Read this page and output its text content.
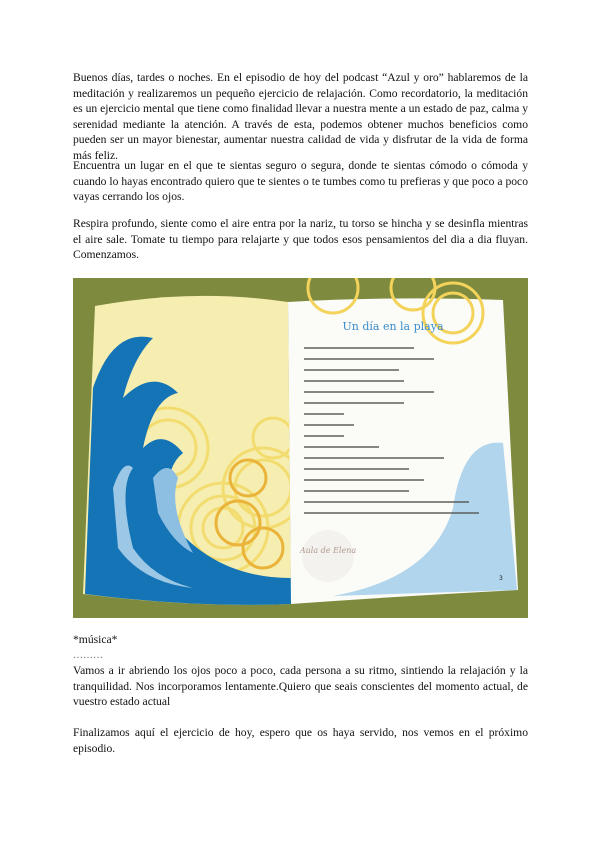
Buenos días, tardes o noches. En el episodio de hoy del podcast “Azul y oro” hablaremos de la meditación y realizaremos un pequeño ejercicio de relajación. Como recordatorio, la meditación es un ejercicio mental que tiene como finalidad llevar a nuestra mente a un estado de paz, calma y serenidad mediante la atención. A través de esta, podemos obtener muchos beneficios como pueden ser un mayor bienestar, aumentar nuestra calidad de vida y disfrutar de la vida de forma más feliz.

Encuentra un lugar en el que te sientas seguro o segura, donde te sientas cómodo o cómoda y cuando lo hayas encontrado quiero que te sientes o te tumbes como tu prefieras y que poco a poco vayas cerrando los ojos.

Respira profundo, siente como el aire entra por la nariz, tu torso se hincha y se desinfla mientras el aire sale. Tomate tu tiempo para relajarte y que todos esos pensamientos del dia a dia fluyan. Comenzamos.

Un día en la playa
Aula de Elena
3

*música*

………

Vamos a ir abriendo los ojos poco a poco, cada persona a su ritmo, sintiendo la relajación y la tranquilidad. Nos incorporamos lentamente.Quiero que seais conscientes del momento actual, de vuestro estado actual

Finalizamos aquí el ejercicio de hoy, espero que os haya servido, nos vemos en el próximo episodio.
